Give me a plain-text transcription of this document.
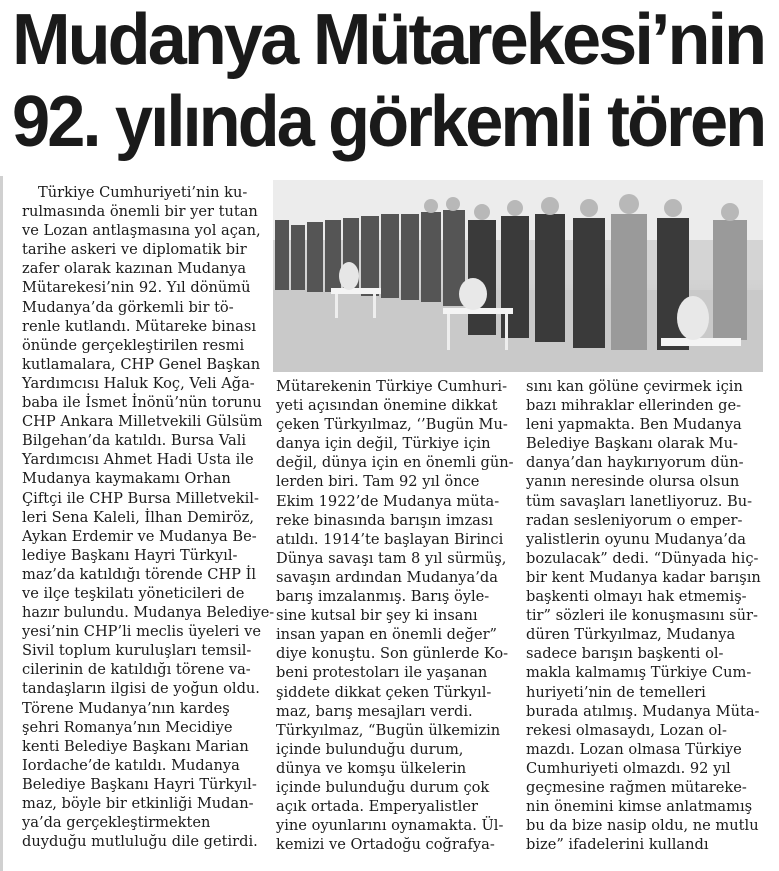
Mudanya Mütarekesi’nin
92. yılında görkemli tören
Türkiye Cumhuriyeti’nin ku-
rulmasında önemli bir yer tutan
ve Lozan antlaşmasına yol açan,
tarihe askeri ve diplomatik bir
zafer olarak kazınan Mudanya
Mütarekesi’nin 92. Yıl dönümü
Mudanya’da görkemli bir tö-
renle kutlandı. Mütareke binası
önünde gerçekleştirilen resmi
kutlamalara, CHP Genel Başkan
Yardımcısı Haluk Koç, Veli Ağa-
baba ile İsmet İnönü’nün torunu
CHP Ankara Milletvekili Gülsüm
Bilgehan’da katıldı. Bursa Vali
Yardımcısı Ahmet Hadi Usta ile
Mudanya kaymakamı Orhan
Çiftçi ile CHP Bursa Milletvekil-
leri Sena Kaleli, İlhan Demiröz,
Aykan Erdemir ve Mudanya Be-
lediye Başkanı Hayri Türkyıl-
maz’da katıldığı törende CHP İl
ve ilçe teşkilatı yöneticileri de
hazır bulundu. Mudanya Belediye-
yesi’nin CHP’li meclis üyeleri ve
Sivil toplum kuruluşları temsil-
cilerinin de katıldığı törene va-
tandaşların ilgisi de yoğun oldu.
Törene Mudanya’nın kardeş
şehri Romanya’nın Mecidiye
kenti Belediye Başkanı Marian
Iordache’de katıldı. Mudanya
Belediye Başkanı Hayri Türkyıl-
maz, böyle bir etkinliği Mudan-
ya’da gerçekleştirmekten
duyduğu mutluluğu dile getirdi.
Mütarekenin Türkiye Cumhuri-
yeti açısından önemine dikkat
çeken Türkyılmaz, ‘’Bugün Mu-
danya için değil, Türkiye için
değil, dünya için en önemli gün-
lerden biri. Tam 92 yıl önce
Ekim 1922’de Mudanya müta-
reke binasında barışın imzası
atıldı. 1914’te başlayan Birinci
Dünya savaşı tam 8 yıl sürmüş,
savaşın ardından Mudanya’da
barış imzalanmış. Barış öyle-
sine kutsal bir şey ki insanı
insan yapan en önemli değer”
diye konuştu. Son günlerde Ko-
beni protestoları ile yaşanan
şiddete dikkat çeken Türkyıl-
maz, barış mesajları verdi.
Türkyılmaz, “Bugün ülkemizin
içinde bulunduğu durum,
dünya ve komşu ülkelerin
içinde bulunduğu durum çok
açık ortada. Emperyalistler
yine oyunlarını oynamakta. Ül-
kemizi ve Ortadoğu coğrafya-
sını kan gölüne çevirmek için
bazı mihraklar ellerinden ge-
leni yapmakta. Ben Mudanya
Belediye Başkanı olarak Mu-
danya’dan haykırıyorum dün-
yanın neresinde olursa olsun
tüm savaşları lanetliyoruz. Bu-
radan sesleniyorum o emper-
yalistlerin oyunu Mudanya’da
bozulacak” dedi. “Dünyada hiç-
bir kent Mudanya kadar barışın
başkenti olmayı hak etmemiş-
tir” sözleri ile konuşmasını sür-
düren Türkyılmaz, Mudanya
sadece barışın başkenti ol-
makla kalmamış Türkiye Cum-
huriyeti’nin de temelleri
burada atılmış. Mudanya Müta-
rekesi olmasaydı, Lozan ol-
mazdı. Lozan olmasa Türkiye
Cumhuriyeti olmazdı. 92 yıl
geçmesine rağmen mütareke-
nin önemini kimse anlatmamış
bu da bize nasip oldu, ne mutlu
bize” ifadelerini kullandı
